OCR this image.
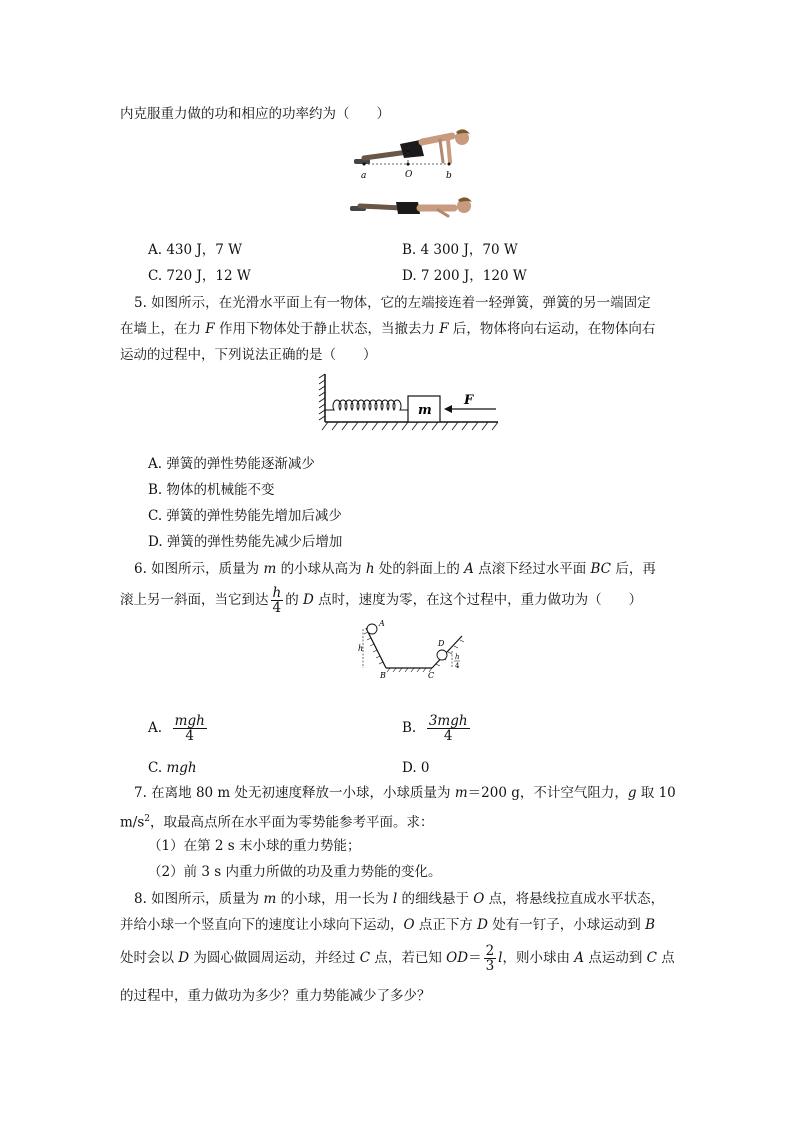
内克服重力做的功和相应的功率约为（　　）
a	O	b
A. 430 J，7 W	B. 4 300 J，70 W
C. 720 J，12 W	D. 7 200 J，120 W
5. 如图所示，在光滑水平面上有一物体，它的左端接连着一轻弹簧，弹簧的另一端固定
在墙上，在力 F 作用下物体处于静止状态，当撤去力 F 后，物体将向右运动，在物体向右
运动的过程中，下列说法正确的是（　　）
m
F
A. 弹簧的弹性势能逐渐减少
B. 物体的机械能不变
C. 弹簧的弹性势能先增加后减少
D. 弹簧的弹性势能先减少后增加
6. 如图所示，质量为 m 的小球从高为 h 处的斜面上的 A 点滚下经过水平面 BC 后，再
滚上另一斜面，当它到达 $\frac{h}{4}$ 的 D 点时，速度为零，在这个过程中，重力做功为（　　）
A
h
B	C
D
h
4
A. $\frac{\text{mgh}}{4}$	B. $\frac{\text{3mgh}}{4}$
C. mgh	D. 0
7. 在离地 80 m 处无初速度释放一小球，小球质量为 m＝200 g，不计空气阻力，g 取 10
$m/s^2$，取最高点所在水平面为零势能参考平面。求：
（1）在第 2 s 末小球的重力势能；
（2）前 3 s 内重力所做的功及重力势能的变化。
8. 如图所示，质量为 m 的小球，用一长为 l 的细线悬于 O 点，将悬线拉直成水平状态，
并给小球一个竖直向下的速度让小球向下运动，O 点正下方 D 处有一钉子，小球运动到 B
处时会以 D 为圆心做圆周运动，并经过 C 点，若已知 $OD= \frac{2}{3}$ l，则小球由 A 点运动到 C 点
的过程中，重力做功为多少？重力势能减少了多少？
